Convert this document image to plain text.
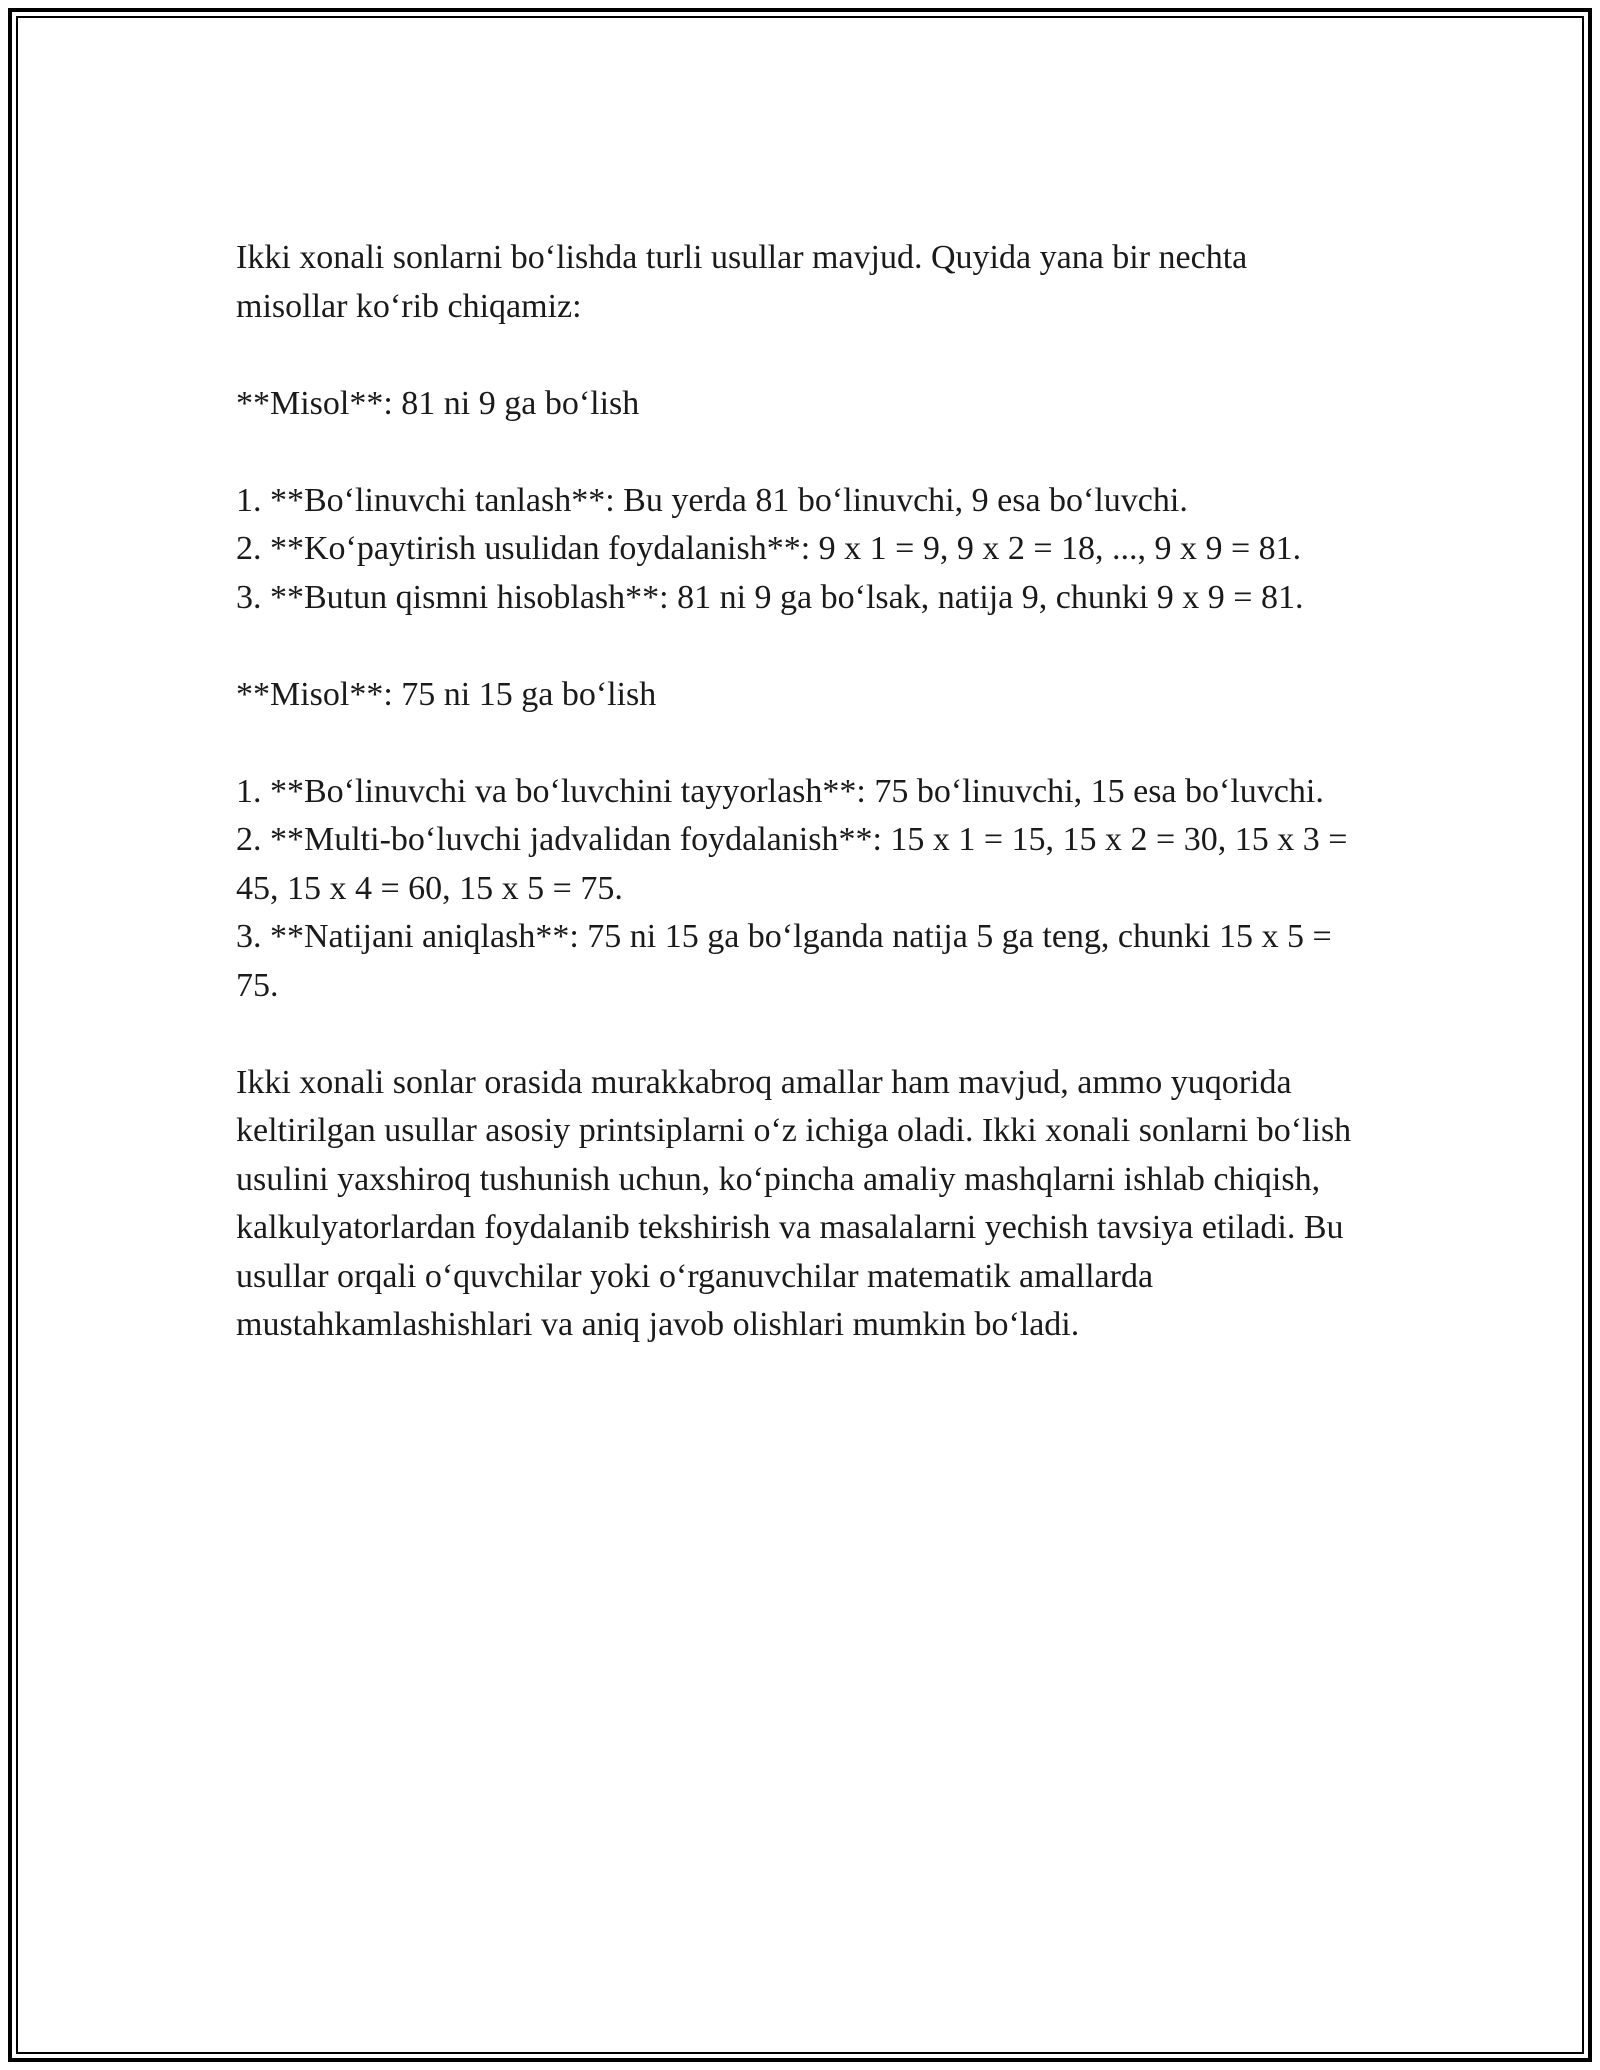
Ikki xonali sonlarni bo‘lishda turli usullar mavjud. Quyida yana bir nechta misollar ko‘rib chiqamiz:

**Misol**: 81 ni 9 ga bo‘lish

1. **Bo‘linuvchi tanlash**: Bu yerda 81 bo‘linuvchi, 9 esa bo‘luvchi.
2. **Ko‘paytirish usulidan foydalanish**: 9 x 1 = 9, 9 x 2 = 18, ..., 9 x 9 = 81.
3. **Butun qismni hisoblash**: 81 ni 9 ga bo‘lsak, natija 9, chunki 9 x 9 = 81.

**Misol**: 75 ni 15 ga bo‘lish

1. **Bo‘linuvchi va bo‘luvchini tayyorlash**: 75 bo‘linuvchi, 15 esa bo‘luvchi.
2. **Multi-bo‘luvchi jadvalidan foydalanish**: 15 x 1 = 15, 15 x 2 = 30, 15 x 3 = 45, 15 x 4 = 60, 15 x 5 = 75.
3. **Natijani aniqlash**: 75 ni 15 ga bo‘lganda natija 5 ga teng, chunki 15 x 5 = 75.

Ikki xonali sonlar orasida murakkabroq amallar ham mavjud, ammo yuqorida keltirilgan usullar asosiy printsiplarni o‘z ichiga oladi. Ikki xonali sonlarni bo‘lish usulini yaxshiroq tushunish uchun, ko‘pincha amaliy mashqlarni ishlab chiqish, kalkulyatorlardan foydalanib tekshirish va masalalarni yechish tavsiya etiladi. Bu usullar orqali o‘quvchilar yoki o‘rganuvchilar matematik amallarda mustahkamlashishlari va aniq javob olishlari mumkin bo‘ladi.
